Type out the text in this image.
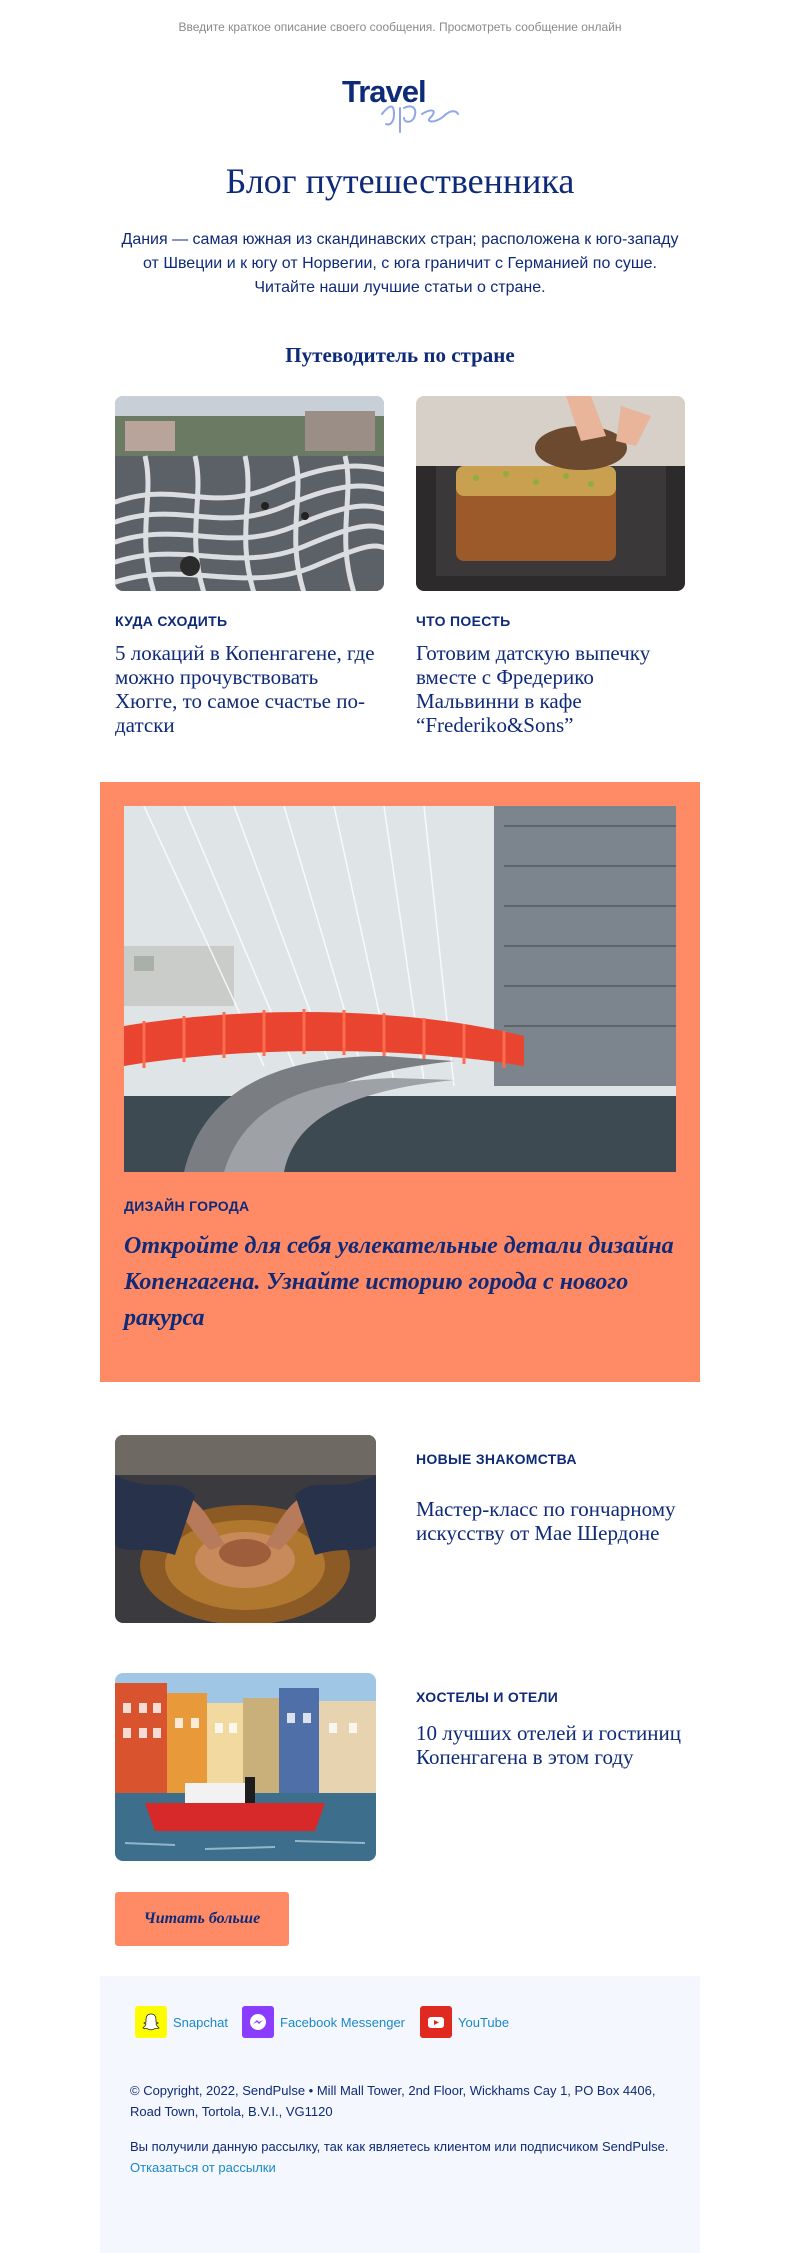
Введите краткое описание своего сообщения. Просмотреть сообщение онлайн
Travel
Блог путешественника
Дания — самая южная из скандинавских стран; расположена к юго-западу от Швеции и к югу от Норвегии, с юга граничит с Германией по суше. Читайте наши лучшие статьи о стране.
Путеводитель по стране
КУДА СХОДИТЬ
5 локаций в Копенгагене, где можно прочувствовать Хюгге, то самое счастье по-датски
ЧТО ПОЕСТЬ
Готовим датскую выпечку вместе с Фредерико Мальвинни в кафе “Frederiko&Sons”
ДИЗАЙН ГОРОДА
Откройте для себя увлекательные детали дизайна Копенгагена. Узнайте историю города с нового ракурса
НОВЫЕ ЗНАКОМСТВА
Мастер-класс по гончарному искусству от Мае Шердоне
ХОСТЕЛЫ И ОТЕЛИ
10 лучших отелей и гостиниц Копенгагена в этом году
Читать больше
Snapchat	Facebook Messenger	YouTube
© Copyright, 2022, SendPulse • Mill Mall Tower, 2nd Floor, Wickhams Cay 1, PO Box 4406, Road Town, Tortola, B.V.I., VG1120
Вы получили данную рассылку, так как являетесь клиентом или подписчиком SendPulse.
Отказаться от рассылки
